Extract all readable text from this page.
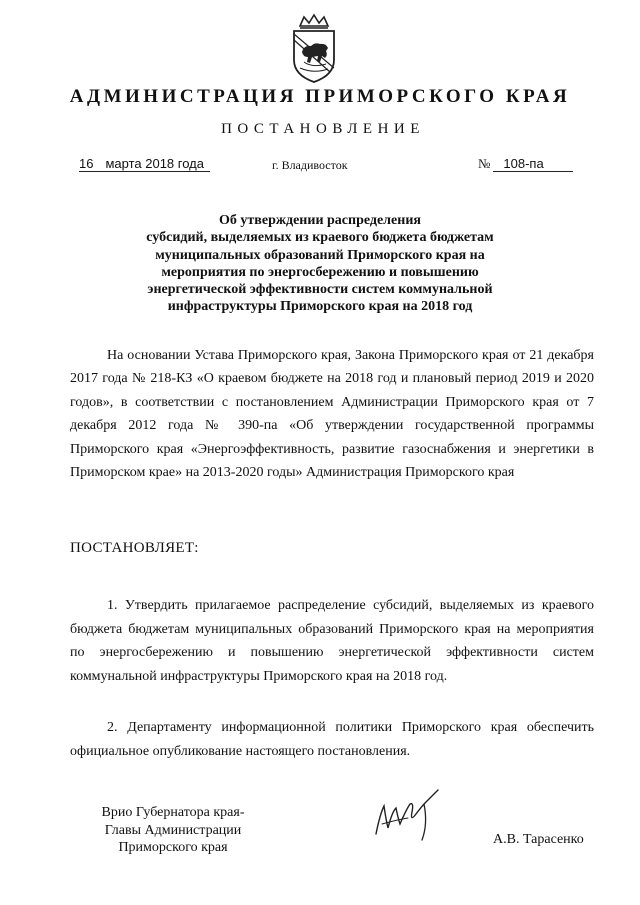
АДМИНИСТРАЦИЯ ПРИМОРСКОГО КРАЯ
ПОСТАНОВЛЕНИЕ
16 марта 2018 года	г. Владивосток	№ 108-па
Об утверждении распределения
субсидий, выделяемых из краевого бюджета бюджетам
муниципальных образований Приморского края на
мероприятия по энергосбережению и повышению
энергетической эффективности систем коммунальной
инфраструктуры Приморского края на 2018 год
На основании Устава Приморского края, Закона Приморского края от 21 декабря 2017 года № 218-КЗ «О краевом бюджете на 2018 год и плановый период 2019 и 2020 годов», в соответствии с постановлением Администрации Приморского края от 7 декабря 2012 года № 390-па «Об утверждении государственной программы Приморского края «Энергоэффективность, развитие газоснабжения и энергетики в Приморском крае» на 2013-2020 годы» Администрация Приморского края
ПОСТАНОВЛЯЕТ:
1. Утвердить прилагаемое распределение субсидий, выделяемых из краевого бюджета бюджетам муниципальных образований Приморского края на мероприятия по энергосбережению и повышению энергетической эффективности систем коммунальной инфраструктуры Приморского края на 2018 год.
2. Департаменту информационной политики Приморского края обеспечить официальное опубликование настоящего постановления.
Врио Губернатора края-
Главы Администрации
Приморского края
А.В. Тарасенко
